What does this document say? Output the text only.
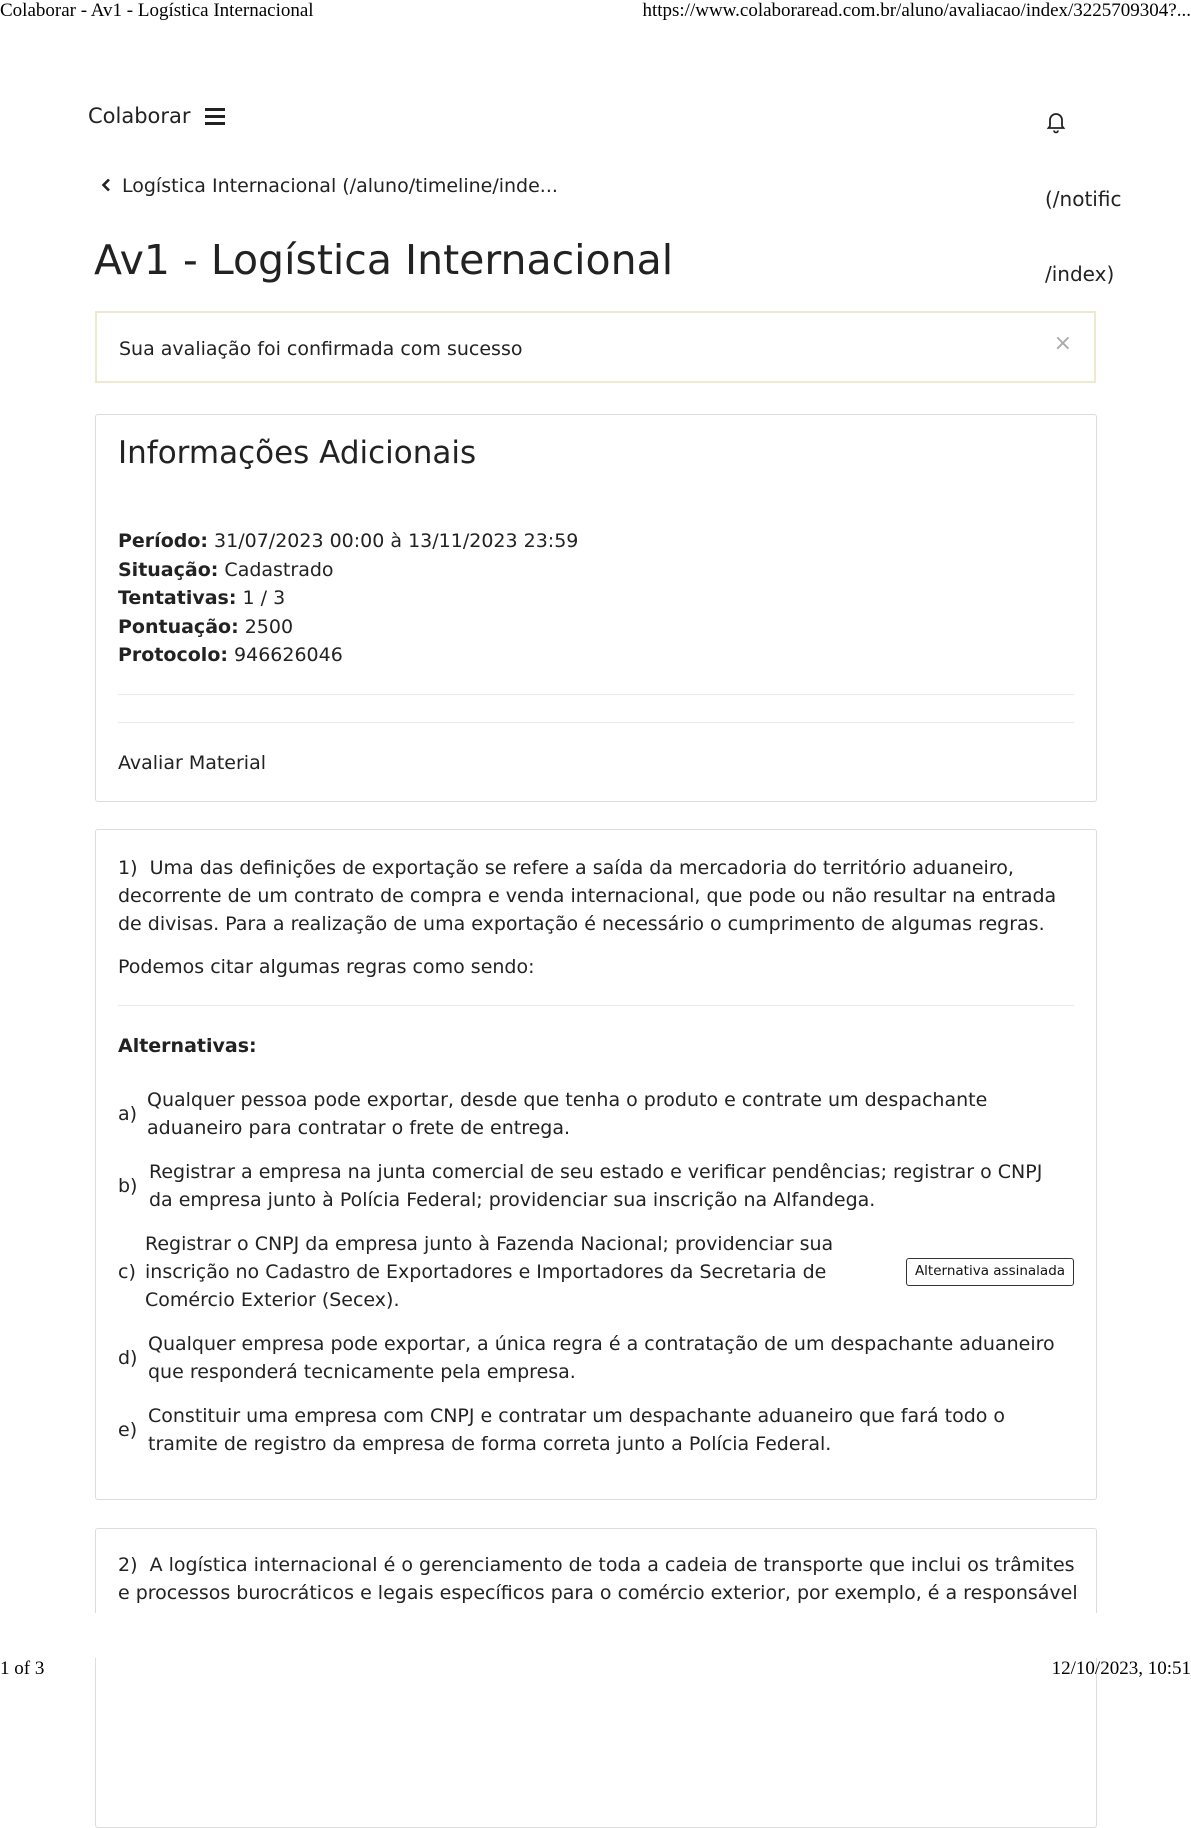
Colaborar - Av1 - Logística Internacional	https://www.colaboraread.com.br/aluno/avaliacao/index/3225709304?...
Colaborar
(/notific
/index)
Logística Internacional (/aluno/timeline/inde...
Av1 - Logística Internacional
Sua avaliação foi confirmada com sucesso	×
Informações Adicionais
Período: 31/07/2023 00:00 à 13/11/2023 23:59
Situação: Cadastrado
Tentativas: 1 / 3
Pontuação: 2500
Protocolo: 946626046
Avaliar Material

1) Uma das definições de exportação se refere a saída da mercadoria do território aduaneiro, decorrente de um contrato de compra e venda internacional, que pode ou não resultar na entrada de divisas. Para a realização de uma exportação é necessário o cumprimento de algumas regras.

Podemos citar algumas regras como sendo:

Alternativas:
a)
Qualquer pessoa pode exportar, desde que tenha o produto e contrate um despachante aduaneiro para contratar o frete de entrega.
b)
Registrar a empresa na junta comercial de seu estado e verificar pendências; registrar o CNPJ da empresa junto à Polícia Federal; providenciar sua inscrição na Alfandega.
c)
Registrar o CNPJ da empresa junto à Fazenda Nacional; providenciar sua inscrição no Cadastro de Exportadores e Importadores da Secretaria de Comércio Exterior (Secex).
Alternativa assinalada
d)
Qualquer empresa pode exportar, a única regra é a contratação de um despachante aduaneiro que responderá tecnicamente pela empresa.
e)
Constituir uma empresa com CNPJ e contratar um despachante aduaneiro que fará todo o tramite de registro da empresa de forma correta junto a Polícia Federal.

2) A logística internacional é o gerenciamento de toda a cadeia de transporte que inclui os trâmites e processos burocráticos e legais específicos para o comércio exterior, por exemplo, é a responsável

1 of 3	12/10/2023, 10:51
